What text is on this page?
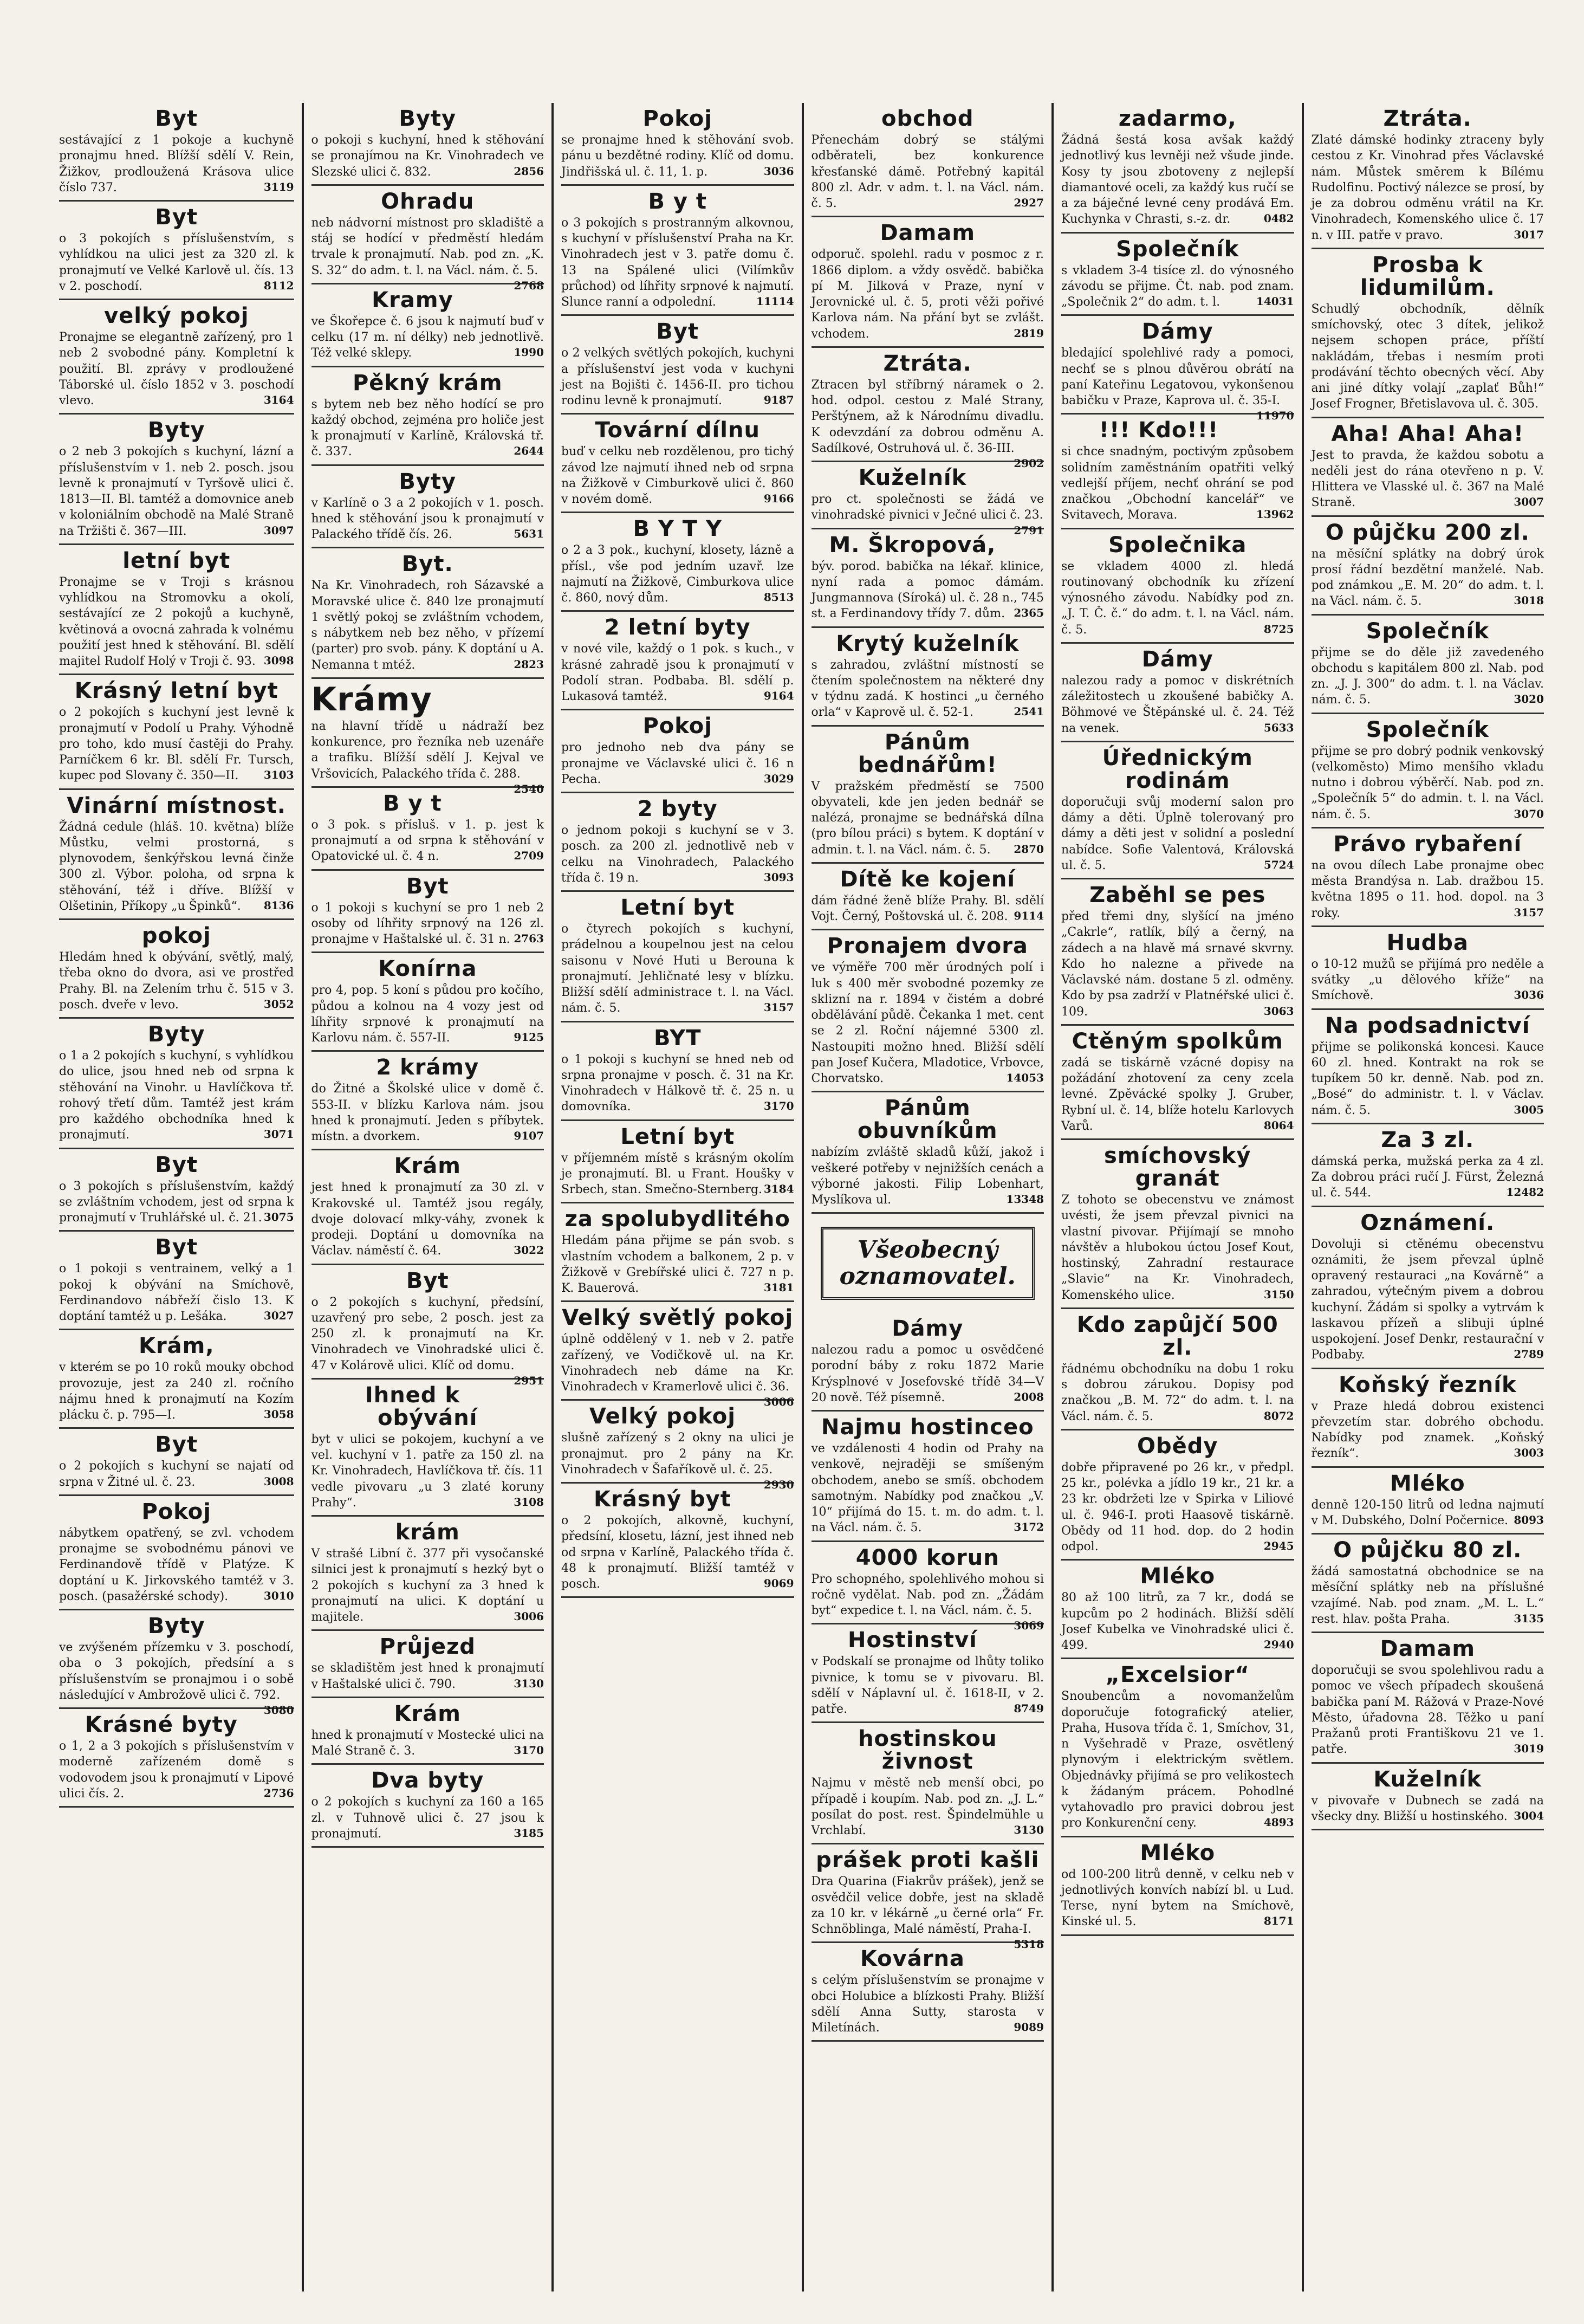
Byt

sestávající z 1 pokoje a kuchyně pronajmu hned. Blížší sdělí V. Rein, Žižkov, prodloužená Krásova ulice číslo 737.	3119

Byt

o 3 pokojích s příslušenstvím, s vyhlídkou na ulici jest za 320 zl. k pronajmutí ve Velké Karlově ul. čís. 13 v 2. poschodí.	8112

velký pokoj

Pronajme se elegantně zařízený, pro 1 neb 2 svobodné pány. Kompletní k použití. Bl. zprávy v prodloužené Táborské ul. číslo 1852 v 3. poschodí vlevo.	3164

Byty

o 2 neb 3 pokojích s kuchyní, lázní a příslušenstvím v 1. neb 2. posch. jsou levně k pronajmutí v Tyršově ulici č. 1813—II. Bl. tamtéž a domovnice aneb v koloniálním obchodě na Malé Straně na Tržišti č. 367—III.	3097

letní byt

Pronajme se v Troji s krásnou vyhlídkou na Stromovku a okolí, sestávající ze 2 pokojů a kuchyně, květinová a ovocná zahrada k volnému použití jest hned k stěhování. Bl. sdělí majitel Rudolf Holý v Troji č. 93. 3098

Krásný letní byt

o 2 pokojích s kuchyní jest levně k pronajmutí v Podolí u Prahy. Výhodně pro toho, kdo musí častěji do Prahy. Parníčkem 6 kr. Bl. sdělí Fr. Tursch, kupec pod Slovany č. 350—II. 3103

Vinární místnost.

Žádná cedule (hláš. 10. května) blíže Můstku, velmi prostorná, s plynovodem, šenkýřskou levná činže 300 zl. Výbor. poloha, od srpna k stěhování, též i dříve. Blížší v Olšetinin, Příkopy „u Špinků“. 8136

pokoj

Hledám hned k obývání, světlý, malý, třeba okno do dvora, asi ve prostřed Prahy. Bl. na Zelením trhu č. 515 v 3. posch. dveře v levo.	3052

Byty

o 1 a 2 pokojích s kuchyní, s vyhlídkou do ulice, jsou hned neb od srpna k stěhování na Vinohr. u Havlíčkova tř. rohový třetí dům. Tamtéž jest krám pro každého obchodníka hned k pronajmutí.	3071

Byt

o 3 pokojích s příslušenstvím, každý se zvláštním vchodem, jest od srpna k pronajmutí v Truhlářské ul. č. 21. 3075

Byt

o 1 pokoji s ventrainem, velký a 1 pokoj k obývání na Smíchově, Ferdinandovo nábřeží čislo 13. K doptání tamtéž u p. Lešáka.	3027

Krám,

v kterém se po 10 roků mouky obchod provozuje, jest za 240 zl. ročního nájmu hned k pronajmutí na Kozím plácku č. p. 795—I.	3058

Byt

o 2 pokojích s kuchyní se najatí od srpna v Žitné ul. č. 23.	3008

Pokoj

nábytkem opatřený, se zvl. vchodem pronajme se svobodnému pánovi ve Ferdinandově třídě v Platýze. K doptání u K. Jirkovského tamtéž v 3. posch. (pasažérské schody).	3010

Byty

ve zvýšeném přízemku v 3. poschodí, oba o 3 pokojích, předsíní a s příslušenstvím se pronajmou i o sobě následující v Ambrožově ulici č. 792.
3080

Krásné byty

o 1, 2 a 3 pokojích s příslušenstvím v moderně zařízeném domě s vodovodem jsou k pronajmutí v Lipové ulici čís. 2.	2736

Byty

o pokoji s kuchyní, hned k stěhování se pronajímou na Kr. Vinohradech ve Slezské ulici č. 832.	2856

Ohradu

neb nádvorní místnost pro skladiště a stáj se hodící v předměstí hledám trvale k pronajmutí. Nab. pod zn. „K. S. 32“ do adm. t. l. na Václ. nám. č. 5.
2768

Kramy

ve Škořepce č. 6 jsou k najmutí buď v celku (17 m. ní délky) neb jednotlivě. Též velké sklepy.	1990

Pěkný krám

s bytem neb bez něho hodící se pro každý obchod, zejména pro holiče jest k pronajmutí v Karlíně, Královská tř. č. 337.	2644

Byty

v Karlíně o 3 a 2 pokojích v 1. posch. hned k stěhování jsou k pronajmutí v Palackého třídě čís. 26.	5631

Byt.

Na Kr. Vinohradech, roh Sázavské a Moravské ulice č. 840 lze pronajmutí 1 světlý pokoj se zvláštním vchodem, s nábytkem neb bez něho, v přízemí (parter) pro svob. pány. K doptání u A. Nemanna t mtéž.	2823

Krámy

na hlavní třídě u nádraží bez konkurence, pro řezníka neb uzenáře a trafiku. Blížší sdělí J. Kejval ve Vršovicích, Palackého třída č. 288.
2540

B y t

o 3 pok. s přísluš. v 1. p. jest k pronajmutí a od srpna k stěhování v Opatovické ul. č. 4 n.	2709

Byt

o 1 pokoji s kuchyní se pro 1 neb 2 osoby od líhřity srpnový na 126 zl. pronajme v Haštalské ul. č. 31 n. 2763

Konírna

pro 4, pop. 5 koní s půdou pro kočího, půdou a kolnou na 4 vozy jest od líhřity srpnové k pronajmutí na Karlovu nám. č. 557-II.	9125

2 krámy

do Žitné a Školské ulice v domě č. 553-II. v blízku Karlova nám. jsou hned k pronajmutí. Jeden s příbytek. místn. a dvorkem.	9107

Krám

jest hned k pronajmutí za 30 zl. v Krakovské ul. Tamtéž jsou regály, dvoje dolovací mlky-váhy, zvonek k prodeji. Doptání u domovníka na Václav. náměstí č. 64.	3022

Byt

o 2 pokojích s kuchyní, předsíní, uzavřený pro sebe, 2 posch. jest za 250 zl. k pronajmutí na Kr. Vinohradech ve Vinohradské ulici č. 47 v Kolárově ulici. Klíč od domu.
2951

Ihned k obývání

byt v ulici se pokojem, kuchyní a ve vel. kuchyní v 1. patře za 150 zl. na Kr. Vinohradech, Havlíčkova tř. čís. 11 vedle pivovaru „u 3 zlaté koruny Prahy“.	3108

krám

V strašé Libní č. 377 při vysočanské silnici jest k pronajmutí s hezký byt o 2 pokojích s kuchyní za 3 hned k pronajmutí na ulici. K doptání u majitele.	3006

Průjezd

se skladištěm jest hned k pronajmutí v Haštalské ulici č. 790.	3130

Krám

hned k pronajmutí v Mostecké ulici na Malé Straně č. 3.	3170

Dva byty

o 2 pokojích s kuchyní za 160 a 165 zl. v Tuhnově ulici č. 27 jsou k pronajmutí.	3185

Pokoj

se pronajme hned k stěhování svob. pánu u bezdětné rodiny. Klíč od domu. Jindřišská ul. č. 11, 1. p.	3036

B y t

o 3 pokojích s prostranným alkovnou, s kuchyní v příslušenství Praha na Kr. Vinohradech jest v 3. patře domu č. 13 na Spálené ulici (Vilímkův průchod) od líhřity srpnové k najmutí. Slunce ranní a odpolední.	11114

Byt

o 2 velkých světlých pokojích, kuchyni a příslušenství jest voda v kuchyni jest na Bojišti č. 1456-II. pro tichou rodinu levně k pronajmutí.	9187

Tovární dílnu

buď v celku neb rozdělenou, pro tichý závod lze najmutí ihned neb od srpna na Žižkově v Cimburkově ulici č. 860 v novém domě.	9166

B Y T Y

o 2 a 3 pok., kuchyní, klosety, lázně a přísl., vše pod jedním uzavř. lze najmutí na Žižkově, Cimburkova ulice č. 860, nový dům.	8513

2 letní byty

v nové vile, každý o 1 pok. s kuch., v krásné zahradě jsou k pronajmutí v Podolí stran. Podbaba. Bl. sdělí p. Lukasová tamtéž.	9164

Pokoj

pro jednoho neb dva pány se pronajme ve Václavské ulici č. 16 n Pecha.	3029

2 byty

o jednom pokoji s kuchyní se v 3. posch. za 200 zl. jednotlivě neb v celku na Vinohradech, Palackého třída č. 19 n.	3093

Letní byt

o čtyrech pokojích s kuchyní, prádelnou a koupelnou jest na celou saisonu v Nové Huti u Berouna k pronajmutí. Jehličnaté lesy v blízku. Bližší sdělí administrace t. l. na Václ. nám. č. 5.	3157

BYT

o 1 pokoji s kuchyní se hned neb od srpna pronajme v posch. č. 31 na Kr. Vinohradech v Hálkově tř. č. 25 n. u domovníka.	3170

Letní byt

v příjemném místě s krásným okolím je pronajmutí. Bl. u Frant. Houšky v Srbech, stan. Smečno-Sternberg. 3184

za spolubydlitého

Hledám pána přijme se pán svob. s vlastním vchodem a balkonem, 2 p. v Žižkově v Grebířské ulici č. 727 n p. K. Bauerová.	3181

Velký světlý pokoj

úplně oddělený v 1. neb v 2. patře zařízený, ve Vodičkově ul. na Kr. Vinohradech neb dáme na Kr. Vinohradech v Kramerlově ulici č. 36.
3006

Velký pokoj

slušně zařízený s 2 okny na ulici je pronajmut. pro 2 pány na Kr. Vinohradech v Šafaříkově ul. č. 25.
2930

Krásný byt

o 2 pokojích, alkovně, kuchyní, předsíní, klosetu, lázní, jest ihned neb od srpna v Karlíně, Palackého třída č. 48 k pronajmutí. Bližší tamtéž v posch.	9069

obchod

Přenechám dobrý se stálými odběrateli, bez konkurence křesťanské dámě. Potřebný kapitál 800 zl. Adr. v adm. t. l. na Václ. nám. č. 5.	2927

Damam

odporuč. spolehl. radu v posmoc z r. 1866 diplom. a vždy osvědč. babička pí M. Jilková v Praze, nyní v Jerovnické ul. č. 5, proti věži pořivé Karlova nám. Na přání byt se zvlášt. vchodem.	2819

Ztráta.

Ztracen byl stříbrný náramek o 2. hod. odpol. cestou z Malé Strany, Perštýnem, až k Národnímu divadlu. K odevzdání za dobrou odměnu A. Sadílkové, Ostruhová ul. č. 36-III.
2902

Kuželník

pro ct. společnosti se žádá ve vinohradské pivnici v Ječné ulici č. 23.
2791

M. Škropová,

býv. porod. babička na lékař. klinice, nyní rada a pomoc dámám. Jungmannova (Síroká) ul. č. 28 n., 745 st. a Ferdinandovy třídy 7. dům. 2365

Krytý kuželník

s zahradou, zvláštní místností se čtením společnostem na některé dny v týdnu zadá. K hostinci „u černého orla“ v Kaprově ul. č. 52-1.	2541

Pánům bednářům!

V pražském předměstí se 7500 obyvateli, kde jen jeden bednář se nalézá, pronajme se bednářská dílna (pro bílou práci) s bytem. K doptání v admin. t. l. na Václ. nám. č. 5. 2870

Dítě ke kojení

dám řádné ženě blíže Prahy. Bl. sdělí Vojt. Černý, Poštovská ul. č. 208. 9114

Pronajem dvora

ve výměře 700 měr úrodných polí i luk s 400 měr svobodné pozemky ze sklizní na r. 1894 v čistém a dobré obdělávání půdě. Čekanka 1 met. cent se 2 zl. Roční nájemné 5300 zl. Nastoupiti možno hned. Bližší sdělí pan Josef Kučera, Mladotice, Vrbovce, Chorvatsko.	14053

Pánům obuvníkům

nabízím zvláště skladů kůží, jakož i veškeré potřeby v nejnižších cenách a výborné jakosti. Filip Lobenhart, Myslíkova ul.	13348

Všeobecný
oznamovatel.
Dámy

nalezou radu a pomoc u osvědčené porodní báby z roku 1872 Marie Krýsplnové v Josefovské třídě 34—V 20 nově. Též písemně.	2008

Najmu hostinceo

ve vzdálenosti 4 hodin od Prahy na venkově, nejraději se smíšeným obchodem, anebo se smíš. obchodem samotným. Nabídky pod značkou „V. 10“ přijímá do 15. t. m. do adm. t. l. na Václ. nám. č. 5.	3172

4000 korun

Pro schopného, spolehlivého mohou si ročně vydělat. Nab. pod zn. „Žádám byt“ expedice t. l. na Václ. nám. č. 5.
3069

Hostinství

v Podskalí se pronajme od lhůty toliko pivnice, k tomu se v pivovaru. Bl. sdělí v Náplavní ul. č. 1618-II, v 2. patře.	8749

hostinskou živnost

Najmu v městě neb menší obci, po případě i koupím. Nab. pod zn. „J. L.“ posílat do post. rest. Špindelmühle u Vrchlabí.	3130

prášek proti kašli

Dra Quarina (Fiakrův prášek), jenž se osvědčil velice dobře, jest na skladě za 10 kr. v lékárně „u černé orla“ Fr. Schnöblinga, Malé náměstí, Praha-I.
5318

Kovárna

s celým příslušenstvím se pronajme v obci Holubice a blízkosti Prahy. Bližší sdělí Anna Sutty, starosta v Miletínách.	9089

zadarmo,

Žádná šestá kosa avšak každý jednotlivý kus levněji než všude jinde. Kosy ty jsou zbotoveny z nejlepší diamantové oceli, za každý kus ručí se a za báječné levné ceny prodává Em. Kuchynka v Chrasti, s.-z. dr.	0482

Společník

s vkladem 3-4 tisíce zl. do výnosného závodu se přijme. Čt. nab. pod znam. „Společnik 2“ do adm. t. l.	14031

Dámy

bledající spolehlivé rady a pomoci, nechť se s plnou důvěrou obrátí na paní Kateřinu Legatovou, vykonšenou babičku v Praze, Kaprova ul. č. 35-I.
11970

!!! Kdo!!!

si chce snadným, poctivým způsobem solidním zaměstnáním opatřiti velký vedlejší příjem, nechť ohrání se pod značkou „Obchodní kancelář“ ve Svitavech, Morava.	13962

Společnika

se vkladem 4000 zl. hledá routinovaný obchodník ku zřízení výnosného závodu. Nabídky pod zn. „J. T. Č. č.“ do adm. t. l. na Václ. nám. č. 5.	8725

Dámy

nalezou rady a pomoc v diskrétních záležitostech u zkoušené babičky A. Böhmové ve Štěpánské ul. č. 24. Též na venek.	5633

Úřednickým rodinám

doporučuji svůj moderní salon pro dámy a děti. Úplně tolerovaný pro dámy a děti jest v solidní a poslední nabídce. Sofie Valentová, Královská ul. č. 5.	5724

Zaběhl se pes

před třemi dny, slyšící na jméno „Cakrle“, ratlík, bílý a černý, na zádech a na hlavě má srnavé skvrny. Kdo ho nalezne a přivede na Václavské nám. dostane 5 zl. odměny. Kdo by psa zadrží v Platnéřské ulici č. 109.	3063

Ctěným spolkům

zadá se tiskárně vzácné dopisy na požádání zhotovení za ceny zcela levné. Zpěvácké spolky J. Gruber, Rybní ul. č. 14, blíže hotelu Karlovych Varů.	8064

smíchovský granát

Z tohoto se obecenstvu ve známost uvésti, že jsem převzal pivnici na vlastní pivovar. Přijímají se mnoho návštěv a hlubokou úctou Josef Kout, hostinský, Zahradní restaurace „Slavie“ na Kr. Vinohradech, Komenského ulice.	3150

Kdo zapůjčí 500 zl.

řádnému obchodníku na dobu 1 roku s dobrou zárukou. Dopisy pod značkou „B. M. 72“ do adm. t. l. na Václ. nám. č. 5.	8072

Obědy

dobře připravené po 26 kr., v předpl. 25 kr., polévka a jídlo 19 kr., 21 kr. a 23 kr. obdržeti lze v Spirka v Liliové ul. č. 946-I. proti Haasově tiskárně. Obědy od 11 hod. dop. do 2 hodin odpol.	2945

Mléko

80 až 100 litrů, za 7 kr., dodá se kupcům po 2 hodinách. Bližší sdělí Josef Kubelka ve Vinohradské ulici č. 499.	2940

„Excelsior“

Snoubencům a novomanželům doporučuje fotografický atelier, Praha, Husova třída č. 1, Smíchov, 31, n Vyšehradě v Praze, osvětlený plynovým i elektrickým světlem. Objednávky přijímá se pro velikostech k žádaným prácem. Pohodlné vytahovadlo pro pravici dobrou jest pro Konkurenční ceny.	4893

Mléko

od 100-200 litrů denně, v celku neb v jednotlivých konvích nabízí bl. u Lud. Terse, nyní bytem na Smíchově, Kinské ul. 5.	8171

Ztráta.

Zlaté dámské hodinky ztraceny byly cestou z Kr. Vinohrad přes Václavské nám. Můstek směrem k Bílému Rudolfinu. Poctivý nálezce se prosí, by je za dobrou odměnu vrátil na Kr. Vinohradech, Komenského ulice č. 17 n. v III. patře v pravo.	3017

Prosba k lidumilům.

Schudlý obchodník, dělník smíchovský, otec 3 dítek, jelikož nejsem schopen práce, příští nakládám, třebas i nesmím proti prodávání těchto obecných věcí. Aby ani jiné dítky volají „zaplať Bůh!“ Josef Frogner, Břetislavova ul. č. 305.

Aha! Aha! Aha!

Jest to pravda, že každou sobotu a neděli jest do rána otevřeno n p. V. Hlittera ve Vlasské ul. č. 367 na Malé Straně.	3007

O půjčku 200 zl.

na měsíční splátky na dobrý úrok prosí řádní bezdětní manželé. Nab. pod známkou „E. M. 20“ do adm. t. l. na Václ. nám. č. 5.	3018

Společník

přijme se do děle již zavedeného obchodu s kapitálem 800 zl. Nab. pod zn. „J. J. 300“ do adm. t. l. na Václav. nám. č. 5.	3020

Společník

přijme se pro dobrý podnik venkovský (velkoměsto) Mimo menšího vkladu nutno i dobrou výběrčí. Nab. pod zn. „Společník 5“ do admin. t. l. na Václ. nám. č. 5.	3070

Právo rybaření

na ovou dílech Labe pronajme obec města Brandýsa n. Lab. dražbou 15. května 1895 o 11. hod. dopol. na 3 roky.	3157

Hudba

o 10-12 mužů se přijímá pro neděle a svátky „u dělového kříže“ na Smíchově.	3036

Na podsadnictví

přijme se polikonská koncesi. Kauce 60 zl. hned. Kontrakt na rok se tupíkem 50 kr. denně. Nab. pod zn. „Bosé“ do administr. t. l. v Václav. nám. č. 5.	3005

Za 3 zl.

dámská perka, mužská perka za 4 zl. Za dobrou práci ručí J. Fürst, Železná ul. č. 544.	12482

Oznámení.

Dovoluji si ctěnému obecenstvu oznámiti, že jsem převzal úplně opravený restauraci „na Kovárně“ a zahradou, výtečným pivem a dobrou kuchyní. Žádám si spolky a vytrvám k laskavou přízeň a slibuji úplné uspokojení. Josef Denkr, restaurační v Podbaby.	2789

Koňský řezník

v Praze hledá dobrou existenci převzetím star. dobrého obchodu. Nabídky pod znamek. „Koňský řezník“.	3003

Mléko

denně 120-150 litrů od ledna najmutí v M. Dubského, Dolní Počernice. 8093

O půjčku 80 zl.

žádá samostatná obchodnice se na měsíční splátky neb na příslušné vzajímé. Nab. pod znam. „M. L. L.“ rest. hlav. pošta Praha.	3135

Damam

doporučuji se svou spolehlivou radu a pomoc ve všech případech skoušená babička paní M. Rážová v Praze-Nové Město, úřadovna 28. Těžko u paní Pražanů proti Františkovu 21 ve 1. patře.	3019

Kuželník

v pivovaře v Dubnech se zadá na všecky dny. Bližší u hostinského. 3004
